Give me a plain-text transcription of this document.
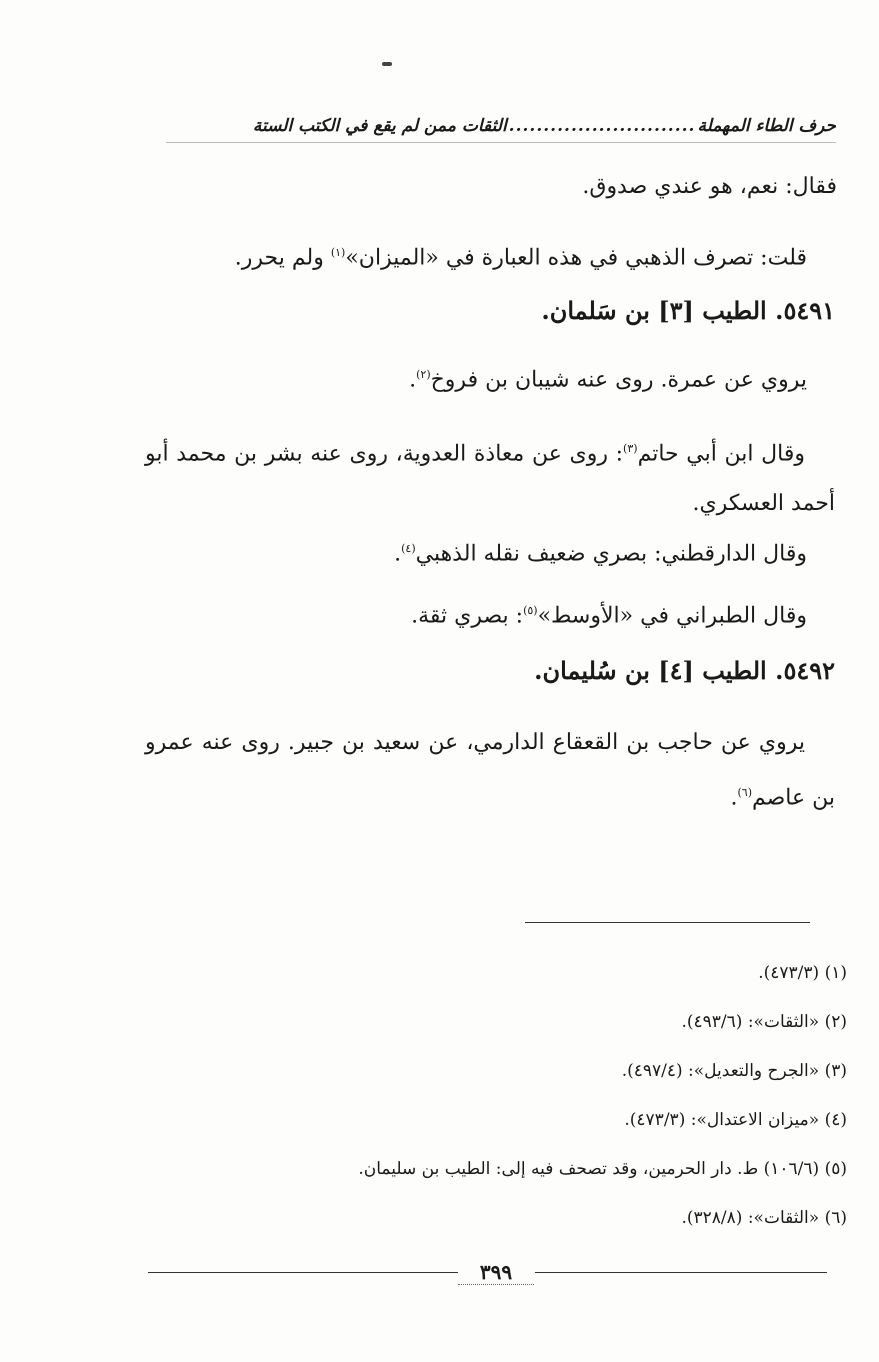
حرف الطاء المهملة...........................الثقات ممن لم يقع في الكتب الستة
فقال: نعم، هو عندي صدوق.
قلت: تصرف الذهبي في هذه العبارة في «الميزان»$^{(١)}$ ولم يحرر.
٥٤٩١. الطيب [٣] بن سَلمان.
يروي عن عمرة. روى عنه شيبان بن فروخ$^{(٢)}$.
وقال ابن أبي حاتم$^{(٣)}$: روى عن معاذة العدوية، روى عنه بشر بن محمد أبو أحمد العسكري.
وقال الدارقطني: بصري ضعيف نقله الذهبي$^{(٤)}$.
وقال الطبراني في «الأوسط»$^{(٥)}$: بصري ثقة.
٥٤٩٢. الطيب [٤] بن سُليمان.
يروي عن حاجب بن القعقاع الدارمي، عن سعيد بن جبير. روى عنه عمرو بن عاصم$^{(٦)}$.
(١) (٤٧٣/٣).
(٢) «الثقات»: (٤٩٣/٦).
(٣) «الجرح والتعديل»: (٤٩٧/٤).
(٤) «ميزان الاعتدال»: (٤٧٣/٣).
(٥) (١٠٦/٦) ط. دار الحرمين، وقد تصحف فيه إلى: الطيب بن سليمان.
(٦) «الثقات»: (٣٢٨/٨).
٣٩٩
